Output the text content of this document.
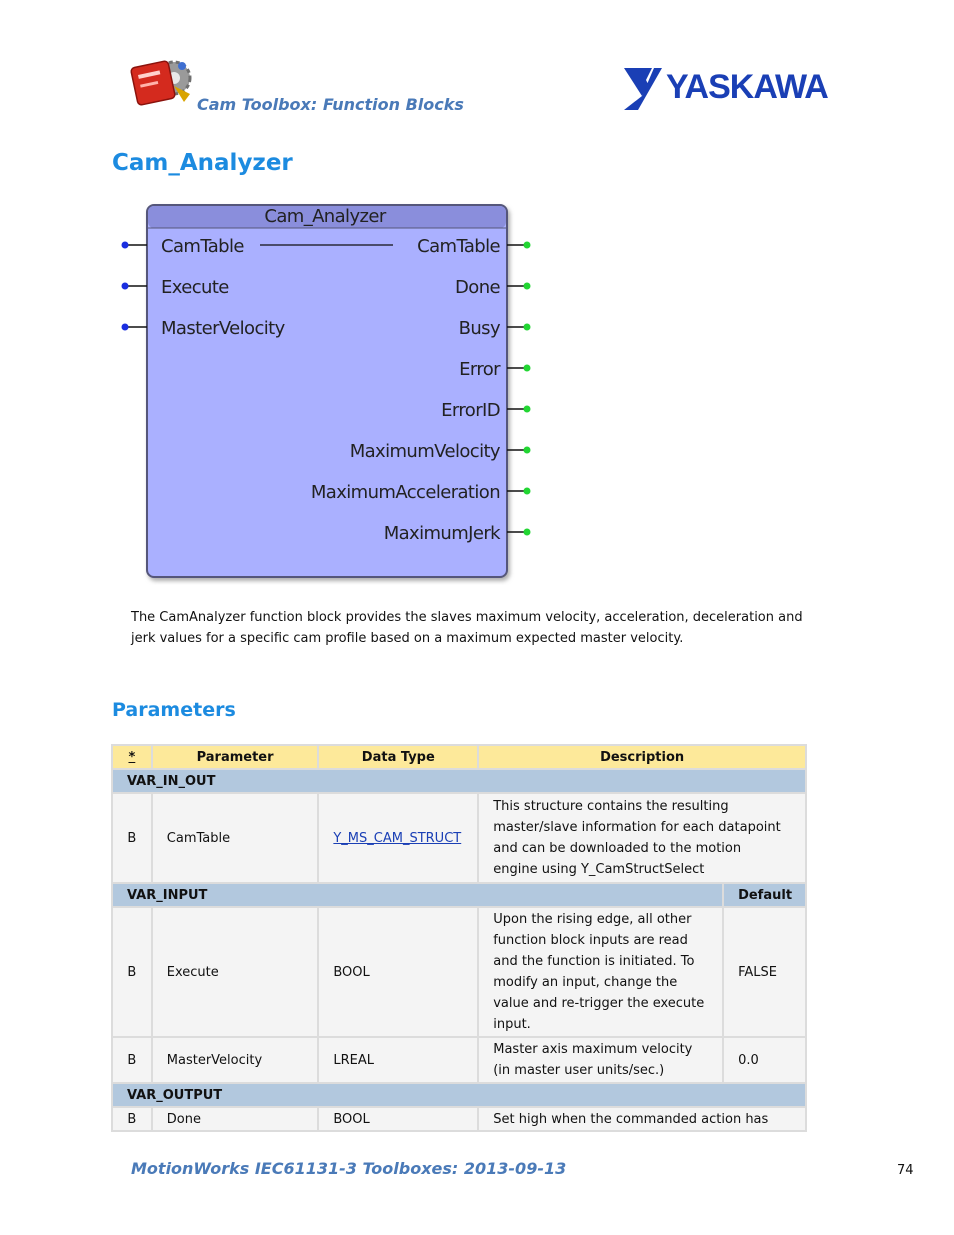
Cam Toolbox: Function Blocks	YASKAWA
Cam_Analyzer
Cam_Analyzer
CamTable
Execute
MasterVelocity
CamTable
Done
Busy
Error
ErrorID
MaximumVelocity
MaximumAcceleration
MaximumJerk
The CamAnalyzer function block provides the slaves maximum velocity, acceleration, deceleration and jerk values for a specific cam profile based on a maximum expected master velocity.
Parameters
*	Parameter	Data Type	Description	
VAR_IN_OUT				
B	CamTable	Y_MS_CAM_STRUCT	This structure contains the resulting master/slave information for each datapoint and can be downloaded to the motion engine using Y_CamStructSelect	
VAR_INPUT				Default
B	Execute	BOOL	Upon the rising edge, all other function block inputs are read and the function is initiated. To modify an input, change the value and re-trigger the execute input.	FALSE
B	MasterVelocity	LREAL	Master axis maximum velocity (in master user units/sec.)	0.0
VAR_OUTPUT				
B	Done	BOOL	Set high when the commanded action has	
MotionWorks IEC61131-3 Toolboxes: 2013-09-13	74
